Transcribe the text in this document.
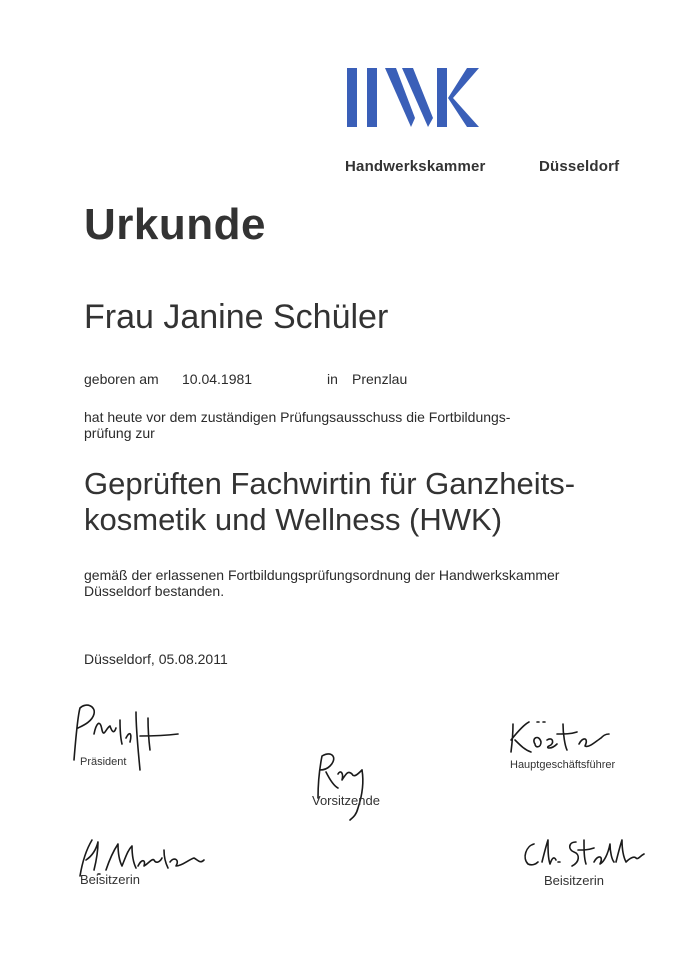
Handwerkskammer	Düsseldorf
Urkunde
Frau Janine Schüler
geboren am 10.04.1981	in Prenzlau
hat heute vor dem zuständigen Prüfungsausschuss die Fortbildungs-
prüfung zur
Geprüften Fachwirtin für Ganzheits-
kosmetik und Wellness (HWK)
gemäß der erlassenen Fortbildungsprüfungsordnung der Handwerkskammer
Düsseldorf bestanden.
Düsseldorf, 05.08.2011
Präsident	Hauptgeschäftsführer
Vorsitzende
Beisitzerin	Beisitzerin
